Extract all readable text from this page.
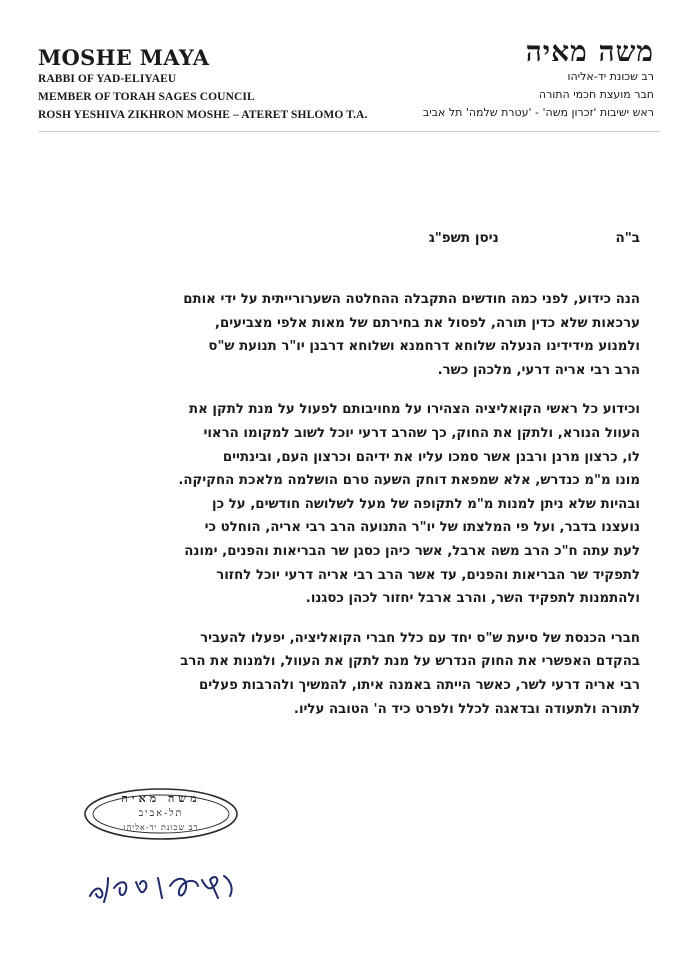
MOSHE MAYA
RABBI OF YAD-ELIYAEU
MEMBER OF TORAH SAGES COUNCIL
ROSH YESHIVA ZIKHRON MOSHE – ATERET SHLOMO T.A.
משה מאיה
רב שכונת יד-אליהו
חבר מועצת חכמי התורה
ראש ישיבות 'זכרון משה' - 'עטרת שלמה' תל אביב
ב"ה ניסן תשפ"ג

הנה כידוע, לפני כמה חודשים התקבלה ההחלטה השערורייתית על ידי אותם
ערכאות שלא כדין תורה, לפסול את בחירתם של מאות אלפי מצביעים,
ולמנוע מידידינו הנעלה שלוחא דרחמנא ושלוחא דרבנן יו"ר תנועת ש"ס
הרב רבי אריה דרעי, מלכהן כשר.

וכידוע כל ראשי הקואליציה הצהירו על מחויבותם לפעול על מנת לתקן את
העוול הנורא, ולתקן את החוק, כך שהרב דרעי יוכל לשוב למקומו הראוי
לו, כרצון מרנן ורבנן אשר סמכו עליו את ידיהם וכרצון העם, ובינתיים
מונו מ"מ כנדרש, אלא שמפאת דוחק השעה טרם הושלמה מלאכת החקיקה.
ובהיות שלא ניתן למנות מ"מ לתקופה של מעל לשלושה חודשים, על כן
נועצנו בדבר, ועל פי המלצתו של יו"ר התנועה הרב רבי אריה, הוחלט כי
לעת עתה ח"כ הרב משה ארבל, אשר כיהן כסגן שר הבריאות והפנים, ימונה
לתפקיד שר הבריאות והפנים, עד אשר הרב רבי אריה דרעי יוכל לחזור
ולהתמנות לתפקיד השר, והרב ארבל יחזור לכהן כסגנו.

חברי הכנסת של סיעת ש"ס יחד עם כלל חברי הקואליציה, יפעלו להעביר
בהקדם האפשרי את החוק הנדרש על מנת לתקן את העוול, ולמנות את הרב
רבי אריה דרעי לשר, כאשר הייתה באמנה איתו, להמשיך ולהרבות פעלים
לתורה ולתעודה ובדאגה לכלל ולפרט כיד ה' הטובה עליו.

משה מאיה
תל-אביב
רב שכונת יד-אליהו
